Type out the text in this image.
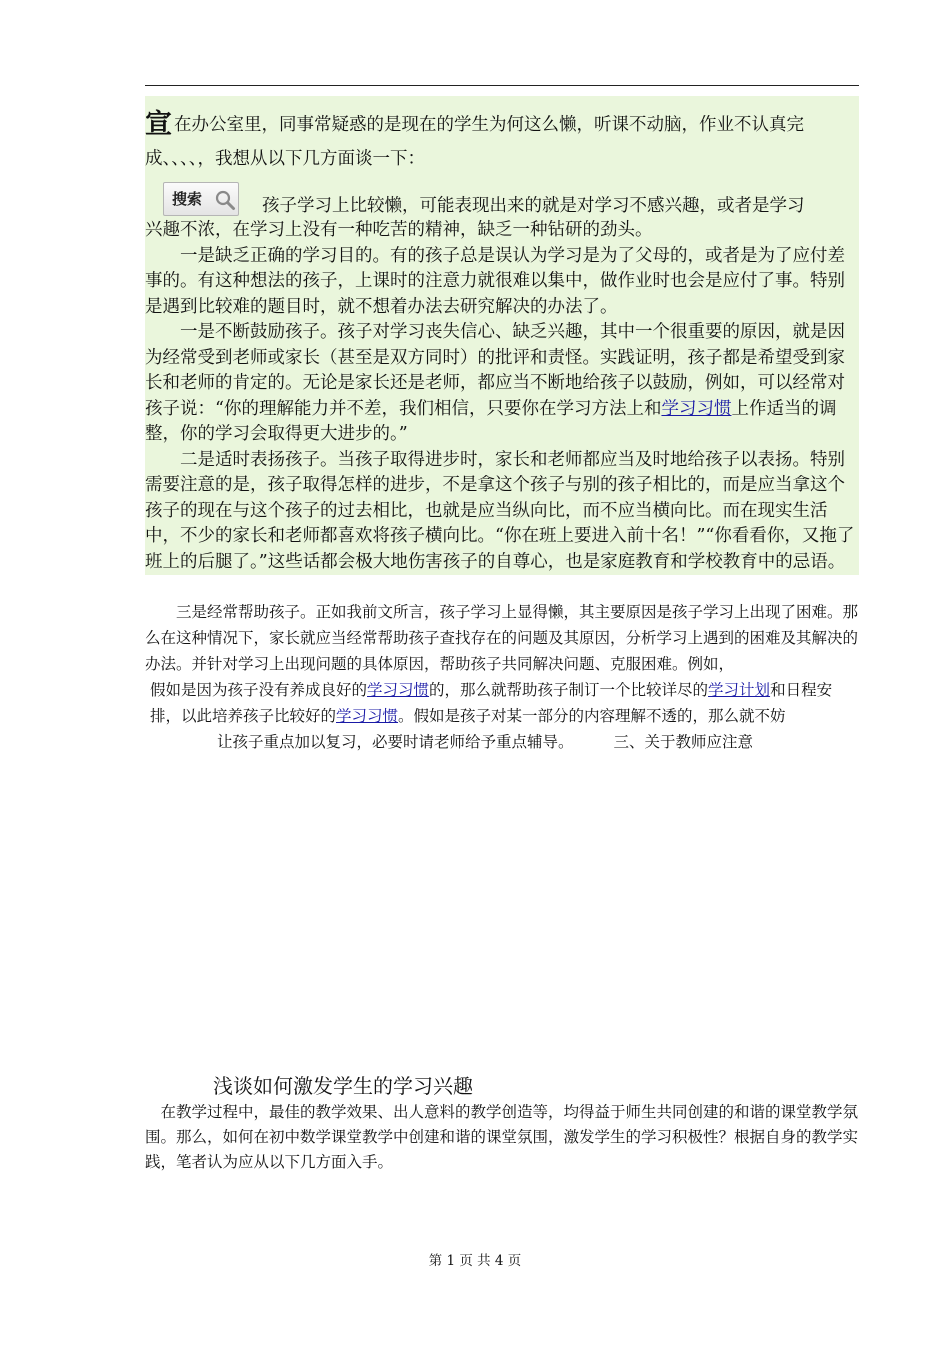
宣在办公室里，同事常疑惑的是现在的学生为何这么懒，听课不动脑，作业不认真完成、、、、，我想从以下几方面谈一下：

搜索	孩子学习上比较懒，可能表现出来的就是对学习不感兴趣，或者是学习

兴趣不浓，在学习上没有一种吃苦的精神，缺乏一种钻研的劲头。

一是缺乏正确的学习目的。有的孩子总是误认为学习是为了父母的，或者是为了应付差事的。有这种想法的孩子，上课时的注意力就很难以集中，做作业时也会是应付了事。特别是遇到比较难的题目时，就不想着办法去研究解决的办法了。

一是不断鼓励孩子。孩子对学习丧失信心、缺乏兴趣，其中一个很重要的原因，就是因为经常受到老师或家长（甚至是双方同时）的批评和责怪。实践证明，孩子都是希望受到家长和老师的肯定的。无论是家长还是老师，都应当不断地给孩子以鼓励，例如，可以经常对孩子说：“你的理解能力并不差，我们相信，只要你在学习方法上和学习习惯上作适当的调整，你的学习会取得更大进步的。”

二是适时表扬孩子。当孩子取得进步时，家长和老师都应当及时地给孩子以表扬。特别需要注意的是，孩子取得怎样的进步，不是拿这个孩子与别的孩子相比的，而是应当拿这个孩子的现在与这个孩子的过去相比，也就是应当纵向比，而不应当横向比。而在现实生活中，不少的家长和老师都喜欢将孩子横向比。“你在班上要进入前十名！”“你看看你，又拖了班上的后腿了。”这些话都会极大地伤害孩子的自尊心，也是家庭教育和学校教育中的忌语。

三是经常帮助孩子。正如我前文所言，孩子学习上显得懒，其主要原因是孩子学习上出现了困难。那么在这种情况下，家长就应当经常帮助孩子查找存在的问题及其原因，分析学习上遇到的困难及其解决的办法。并针对学习上出现问题的具体原因，帮助孩子共同解决问题、克服困难。例如，

假如是因为孩子没有养成良好的学习习惯的，那么就帮助孩子制订一个比较详尽的学习计划和日程安排，以此培养孩子比较好的学习习惯。假如是孩子对某一部分的内容理解不透的，那么就不妨

让孩子重点加以复习，必要时请老师给予重点辅导。	三、关于教师应注意

浅谈如何激发学生的学习兴趣

在教学过程中，最佳的教学效果、出人意料的教学创造等，均得益于师生共同创建的和谐的课堂教学氛围。那么，如何在初中数学课堂教学中创建和谐的课堂氛围，激发学生的学习积极性？根据自身的教学实践，笔者认为应从以下几方面入手。

第 1 页 共 4 页
